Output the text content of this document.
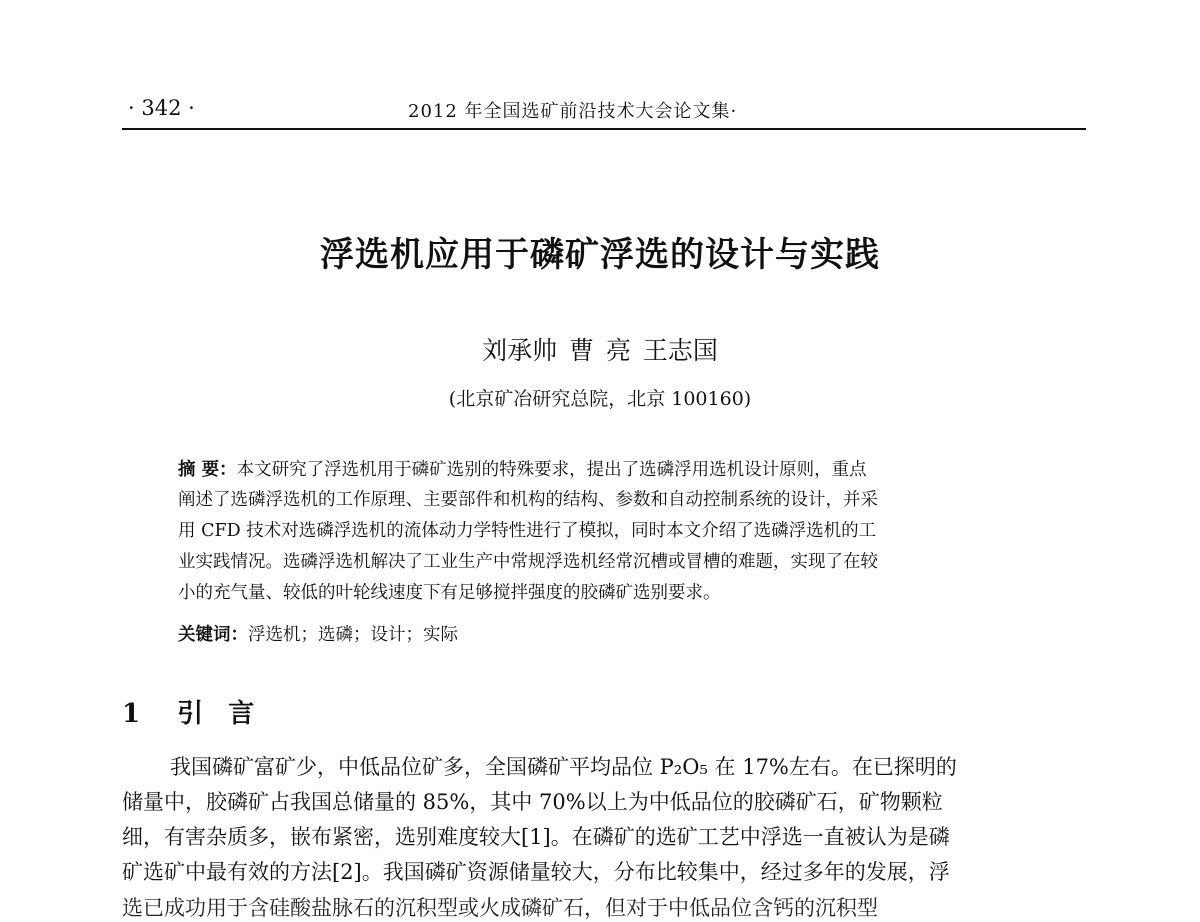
· 342 ·	2012 年全国选矿前沿技术大会论文集·
浮选机应用于磷矿浮选的设计与实践
刘承帅 曹 亮 王志国
(北京矿冶研究总院，北京 100160)
摘 要：本文研究了浮选机用于磷矿选别的特殊要求，提出了选磷浮用选机设计原则，重点
阐述了选磷浮选机的工作原理、主要部件和机构的结构、参数和自动控制系统的设计，并采
用 CFD 技术对选磷浮选机的流体动力学特性进行了模拟，同时本文介绍了选磷浮选机的工
业实践情况。选磷浮选机解决了工业生产中常规浮选机经常沉槽或冒槽的难题，实现了在较
小的充气量、较低的叶轮线速度下有足够搅拌强度的胶磷矿选别要求。
关键词：浮选机；选磷；设计；实际
1 引 言
我国磷矿富矿少，中低品位矿多，全国磷矿平均品位 P₂O₅ 在 17%左右。在已探明的
储量中，胶磷矿占我国总储量的 85%，其中 70%以上为中低品位的胶磷矿石，矿物颗粒
细，有害杂质多，嵌布紧密，选别难度较大[1]。在磷矿的选矿工艺中浮选一直被认为是磷
矿选矿中最有效的方法[2]。我国磷矿资源储量较大，分布比较集中，经过多年的发展，浮
选已成功用于含硅酸盐脉石的沉积型或火成磷矿石，但对于中低品位含钙的沉积型
